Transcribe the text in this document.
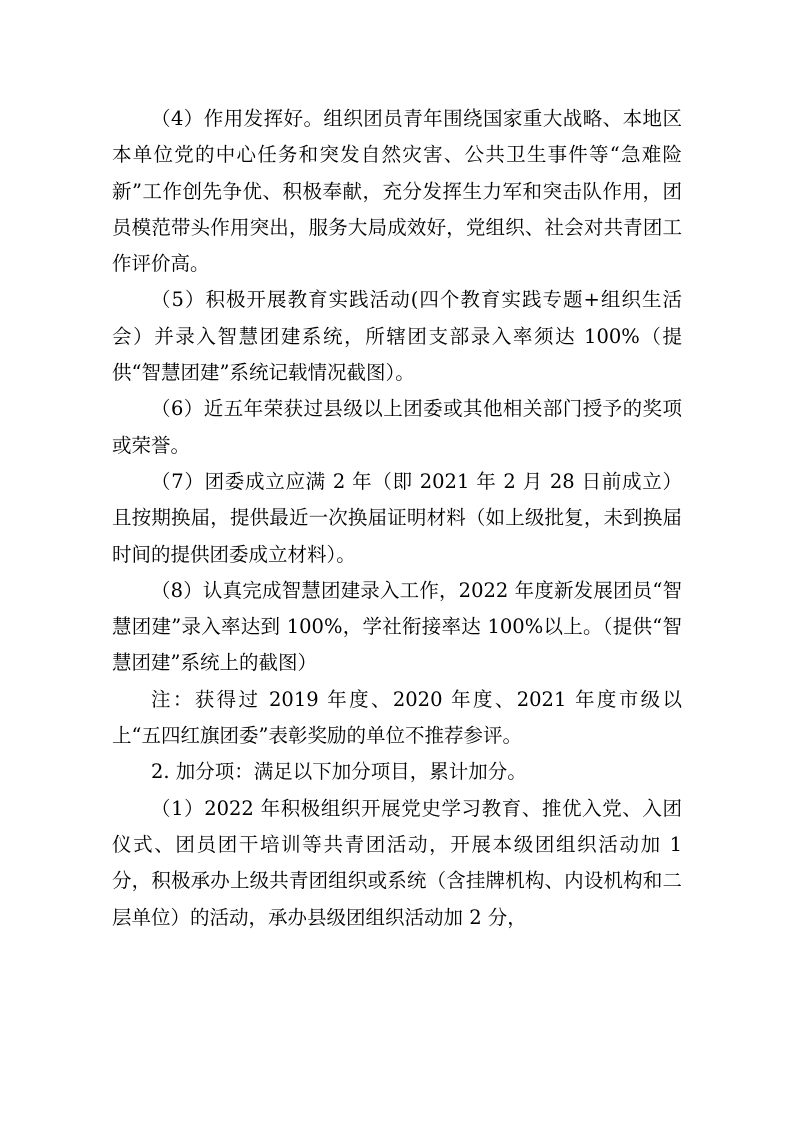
（4）作用发挥好。组织团员青年围绕国家重大战略、本地区本单位党的中心任务和突发自然灾害、公共卫生事件等“急难险新”工作创先争优、积极奉献，充分发挥生力军和突击队作用，团员模范带头作用突出，服务大局成效好，党组织、社会对共青团工作评价高。

（5）积极开展教育实践活动(四个教育实践专题+组织生活会）并录入智慧团建系统，所辖团支部录入率须达 100%（提供“智慧团建”系统记载情况截图）。

（6）近五年荣获过县级以上团委或其他相关部门授予的奖项或荣誉。

（7）团委成立应满 2 年（即 2021 年 2 月 28 日前成立）且按期换届，提供最近一次换届证明材料（如上级批复，未到换届时间的提供团委成立材料）。

（8）认真完成智慧团建录入工作，2022 年度新发展团员“智慧团建”录入率达到 100%，学社衔接率达 100%以上。（提供“智慧团建”系统上的截图）

注：获得过 2019 年度、2020 年度、2021 年度市级以上“五四红旗团委”表彰奖励的单位不推荐参评。

2. 加分项：满足以下加分项目，累计加分。

（1）2022 年积极组织开展党史学习教育、推优入党、入团仪式、团员团干培训等共青团活动，开展本级团组织活动加 1 分，积极承办上级共青团组织或系统（含挂牌机构、内设机构和二层单位）的活动，承办县级团组织活动加 2 分，
